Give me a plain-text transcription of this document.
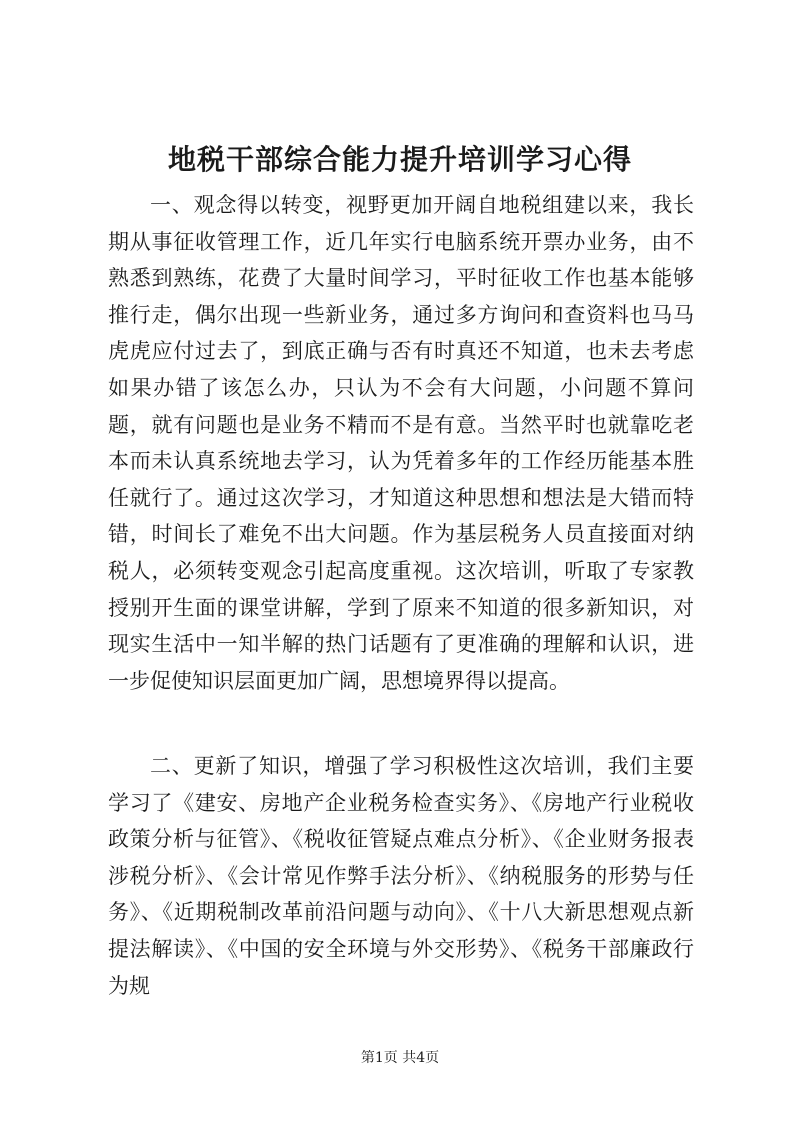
地税干部综合能力提升培训学习心得

一、观念得以转变，视野更加开阔自地税组建以来，我长期从事征收管理工作，近几年实行电脑系统开票办业务，由不熟悉到熟练，花费了大量时间学习，平时征收工作也基本能够推行走，偶尔出现一些新业务，通过多方询问和查资料也马马虎虎应付过去了，到底正确与否有时真还不知道，也未去考虑如果办错了该怎么办，只认为不会有大问题，小问题不算问题，就有问题也是业务不精而不是有意。当然平时也就靠吃老本而未认真系统地去学习，认为凭着多年的工作经历能基本胜任就行了。通过这次学习，才知道这种思想和想法是大错而特错，时间长了难免不出大问题。作为基层税务人员直接面对纳税人，必须转变观念引起高度重视。这次培训，听取了专家教授别开生面的课堂讲解，学到了原来不知道的很多新知识，对现实生活中一知半解的热门话题有了更准确的理解和认识，进一步促使知识层面更加广阔，思想境界得以提高。

二、更新了知识，增强了学习积极性这次培训，我们主要学习了《建安、房地产企业税务检查实务》、《房地产行业税收政策分析与征管》、《税收征管疑点难点分析》、《企业财务报表涉税分析》、《会计常见作弊手法分析》、《纳税服务的形势与任务》、《近期税制改革前沿问题与动向》、《十八大新思想观点新提法解读》、《中国的安全环境与外交形势》、《税务干部廉政行为规

第1页 共4页
